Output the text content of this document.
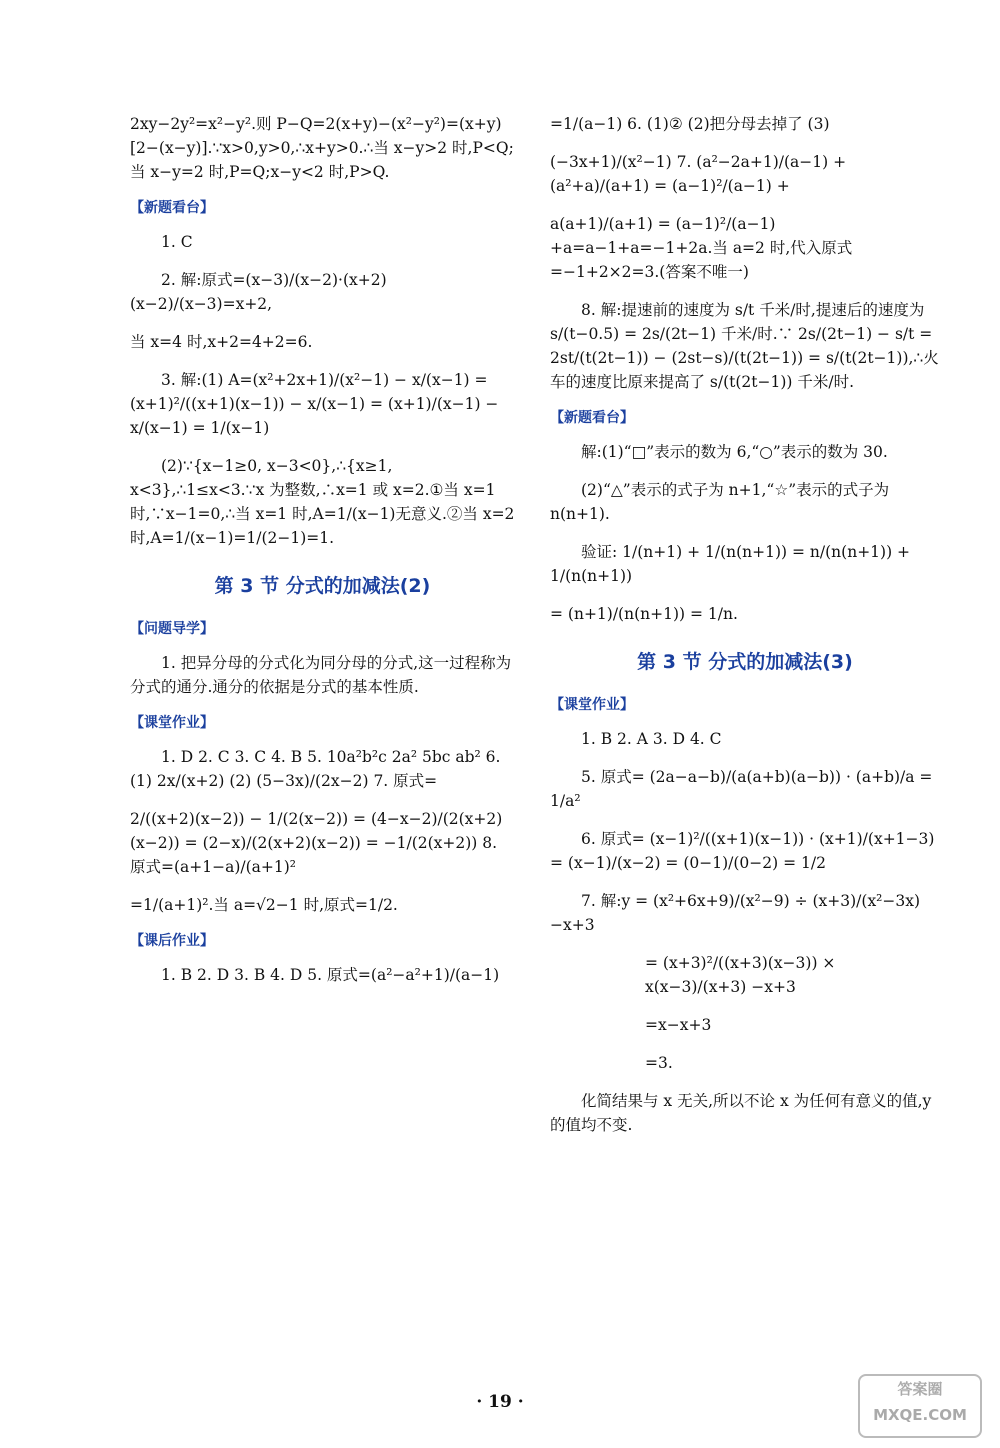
2xy−2y²=x²−y².则 P−Q=2(x+y)−(x²−y²)=(x+y)[2−(x−y)].∵x>0,y>0,∴x+y>0.∴当 x−y>2 时,P<Q;当 x−y=2 时,P=Q;x−y<2 时,P>Q.

【新题看台】

1. C

2. 解:原式=(x−3)/(x−2)·(x+2)(x−2)/(x−3)=x+2,

当 x=4 时,x+2=4+2=6.

3. 解:(1) A=(x²+2x+1)/(x²−1) − x/(x−1) = (x+1)²/((x+1)(x−1)) − x/(x−1) = (x+1)/(x−1) − x/(x−1) = 1/(x−1)

(2)∵{x−1≥0, x−3<0},∴{x≥1, x<3},∴1≤x<3.∵x 为整数,∴x=1 或 x=2.①当 x=1 时,∵x−1=0,∴当 x=1 时,A=1/(x−1)无意义.②当 x=2 时,A=1/(x−1)=1/(2−1)=1.

第 3 节 分式的加减法(2)
【问题导学】

1. 把异分母的分式化为同分母的分式,这一过程称为分式的通分.通分的依据是分式的基本性质.

【课堂作业】

1. D 2. C 3. C 4. B 5. 10a²b²c 2a² 5bc ab² 6. (1) 2x/(x+2) (2) (5−3x)/(2x−2) 7. 原式=

2/((x+2)(x−2)) − 1/(2(x−2)) = (4−x−2)/(2(x+2)(x−2)) = (2−x)/(2(x+2)(x−2)) = −1/(2(x+2)) 8. 原式=(a+1−a)/(a+1)²

=1/(a+1)².当 a=√2−1 时,原式=1/2.

【课后作业】

1. B 2. D 3. B 4. D 5. 原式=(a²−a²+1)/(a−1)

=1/(a−1) 6. (1)② (2)把分母去掉了 (3)

(−3x+1)/(x²−1) 7. (a²−2a+1)/(a−1) + (a²+a)/(a+1) = (a−1)²/(a−1) +

a(a+1)/(a+1) = (a−1)²/(a−1) +a=a−1+a=−1+2a.当 a=2 时,代入原式=−1+2×2=3.(答案不唯一)

8. 解:提速前的速度为 s/t 千米/时,提速后的速度为 s/(t−0.5) = 2s/(2t−1) 千米/时.∵ 2s/(2t−1) − s/t = 2st/(t(2t−1)) − (2st−s)/(t(2t−1)) = s/(t(2t−1)),∴火车的速度比原来提高了 s/(t(2t−1)) 千米/时.

【新题看台】

解:(1)“□”表示的数为 6,“○”表示的数为 30.

(2)“△”表示的式子为 n+1,“☆”表示的式子为 n(n+1).

验证: 1/(n+1) + 1/(n(n+1)) = n/(n(n+1)) + 1/(n(n+1))

= (n+1)/(n(n+1)) = 1/n.

第 3 节 分式的加减法(3)
【课堂作业】

1. B 2. A 3. D 4. C

5. 原式= (2a−a−b)/(a(a+b)(a−b)) · (a+b)/a = 1/a²

6. 原式= (x−1)²/((x+1)(x−1)) · (x+1)/(x+1−3) = (x−1)/(x−2) = (0−1)/(0−2) = 1/2

7. 解:y = (x²+6x+9)/(x²−9) ÷ (x+3)/(x²−3x) −x+3

= (x+3)²/((x+3)(x−3)) × x(x−3)/(x+3) −x+3

=x−x+3

=3.

化简结果与 x 无关,所以不论 x 为任何有意义的值,y 的值均不变.

· 19 ·
答案圈
MXQE.COM
